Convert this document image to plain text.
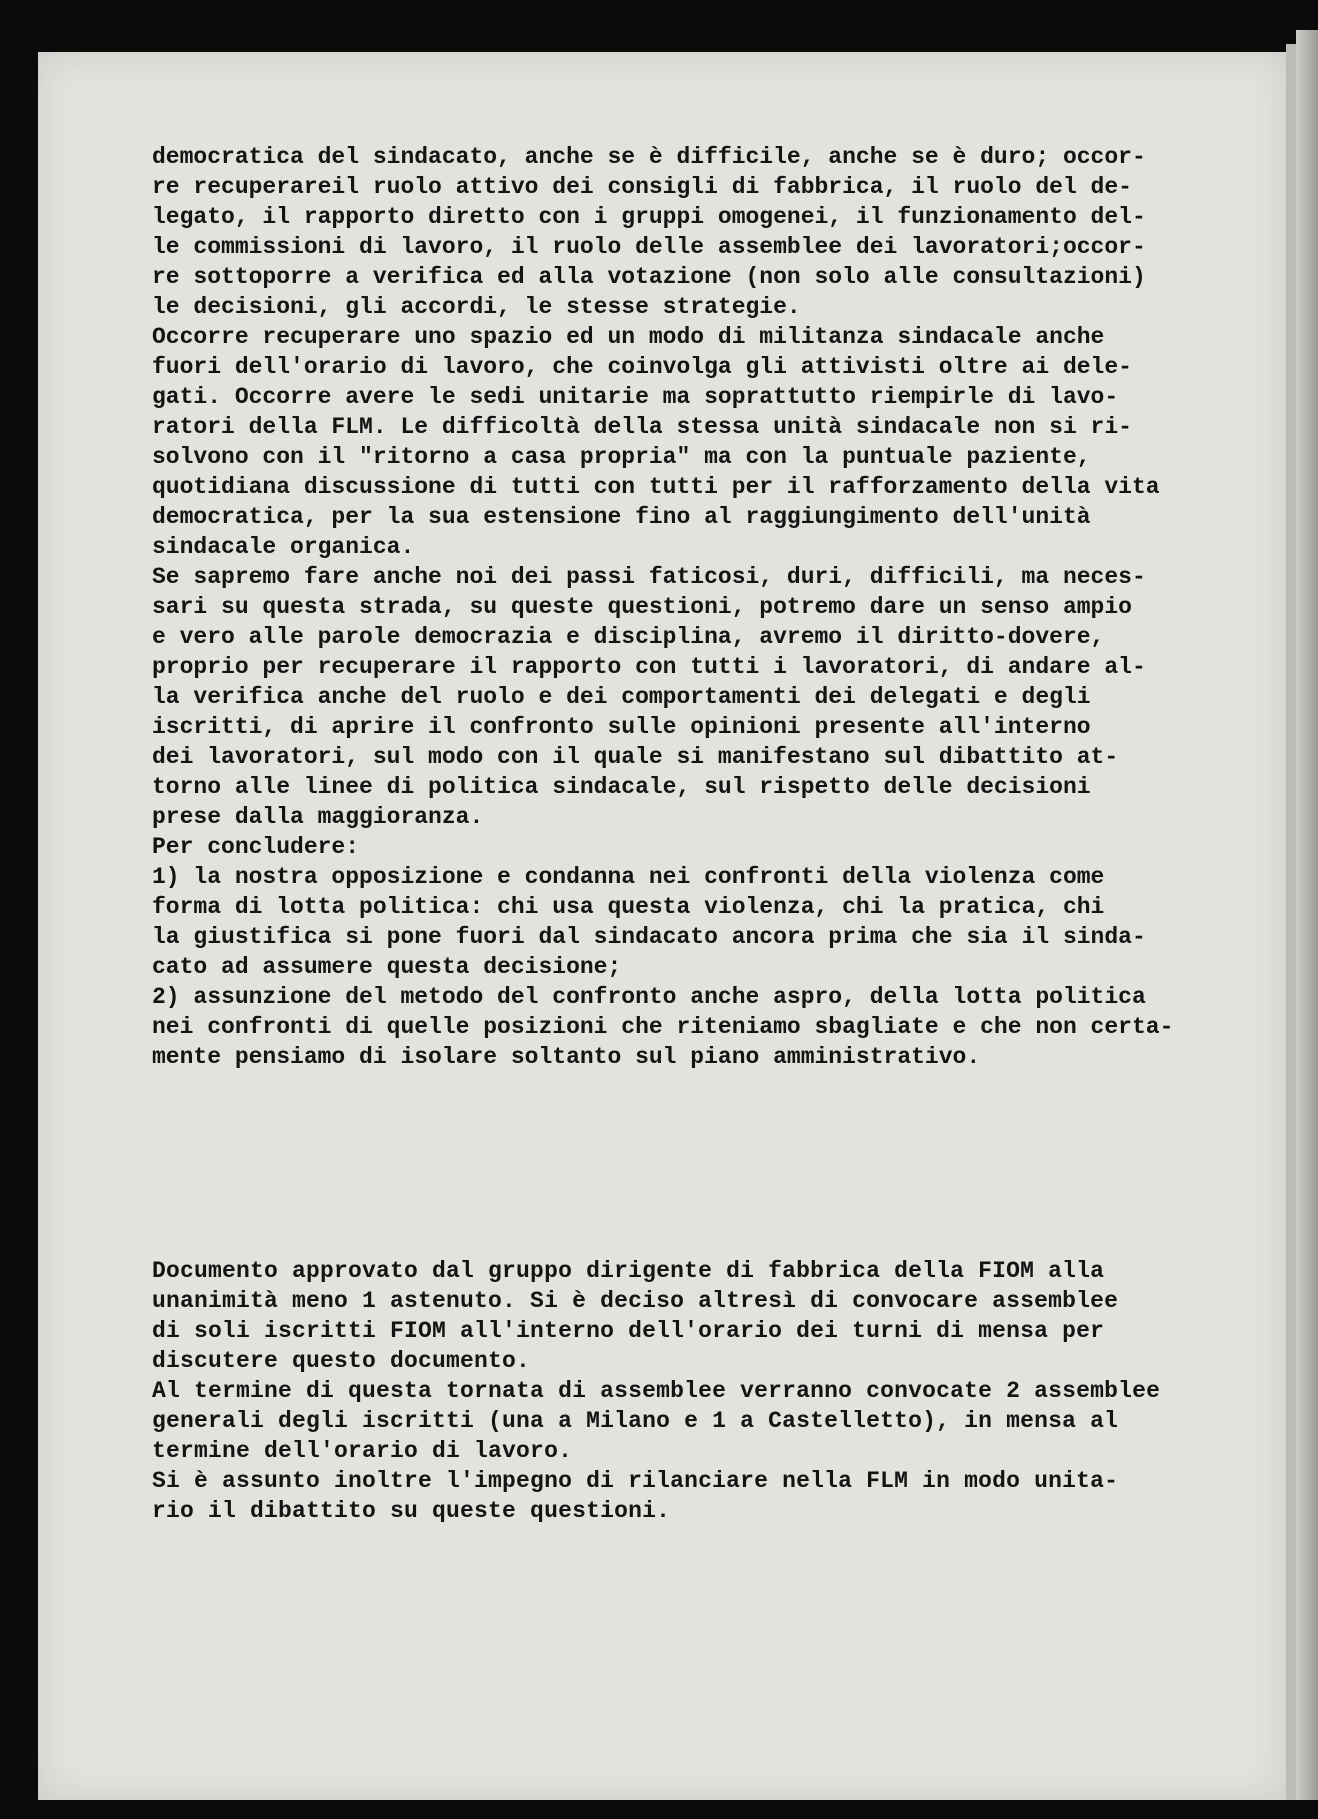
democratica del sindacato, anche se è difficile, anche se è duro; occor-
re recuperareil ruolo attivo dei consigli di fabbrica, il ruolo del de-
legato, il rapporto diretto con i gruppi omogenei, il funzionamento del-
le commissioni di lavoro, il ruolo delle assemblee dei lavoratori;occor-
re sottoporre a verifica ed alla votazione (non solo alle consultazioni)
le decisioni, gli accordi, le stesse strategie.
Occorre recuperare uno spazio ed un modo di militanza sindacale anche
fuori dell'orario di lavoro, che coinvolga gli attivisti oltre ai dele-
gati. Occorre avere le sedi unitarie ma soprattutto riempirle di lavo-
ratori della FLM. Le difficoltà della stessa unità sindacale non si ri-
solvono con il "ritorno a casa propria" ma con la puntuale paziente,
quotidiana discussione di tutti con tutti per il rafforzamento della vita
democratica, per la sua estensione fino al raggiungimento dell'unità
sindacale organica.
Se sapremo fare anche noi dei passi faticosi, duri, difficili, ma neces-
sari su questa strada, su queste questioni, potremo dare un senso ampio
e vero alle parole democrazia e disciplina, avremo il diritto-dovere,
proprio per recuperare il rapporto con tutti i lavoratori, di andare al-
la verifica anche del ruolo e dei comportamenti dei delegati e degli
iscritti, di aprire il confronto sulle opinioni presente all'interno
dei lavoratori, sul modo con il quale si manifestano sul dibattito at-
torno alle linee di politica sindacale, sul rispetto delle decisioni
prese dalla maggioranza.
Per concludere:
1) la nostra opposizione e condanna nei confronti della violenza come
forma di lotta politica: chi usa questa violenza, chi la pratica, chi
la giustifica si pone fuori dal sindacato ancora prima che sia il sinda-
cato ad assumere questa decisione;
2) assunzione del metodo del confronto anche aspro, della lotta politica
nei confronti di quelle posizioni che riteniamo sbagliate e che non certa-
mente pensiamo di isolare soltanto sul piano amministrativo.
Documento approvato dal gruppo dirigente di fabbrica della FIOM alla
unanimità meno 1 astenuto. Si è deciso altresì di convocare assemblee
di soli iscritti FIOM all'interno dell'orario dei turni di mensa per
discutere questo documento.
Al termine di questa tornata di assemblee verranno convocate 2 assemblee
generali degli iscritti (una a Milano e 1 a Castelletto), in mensa al
termine dell'orario di lavoro.
Si è assunto inoltre l'impegno di rilanciare nella FLM in modo unita-
rio il dibattito su queste questioni.
